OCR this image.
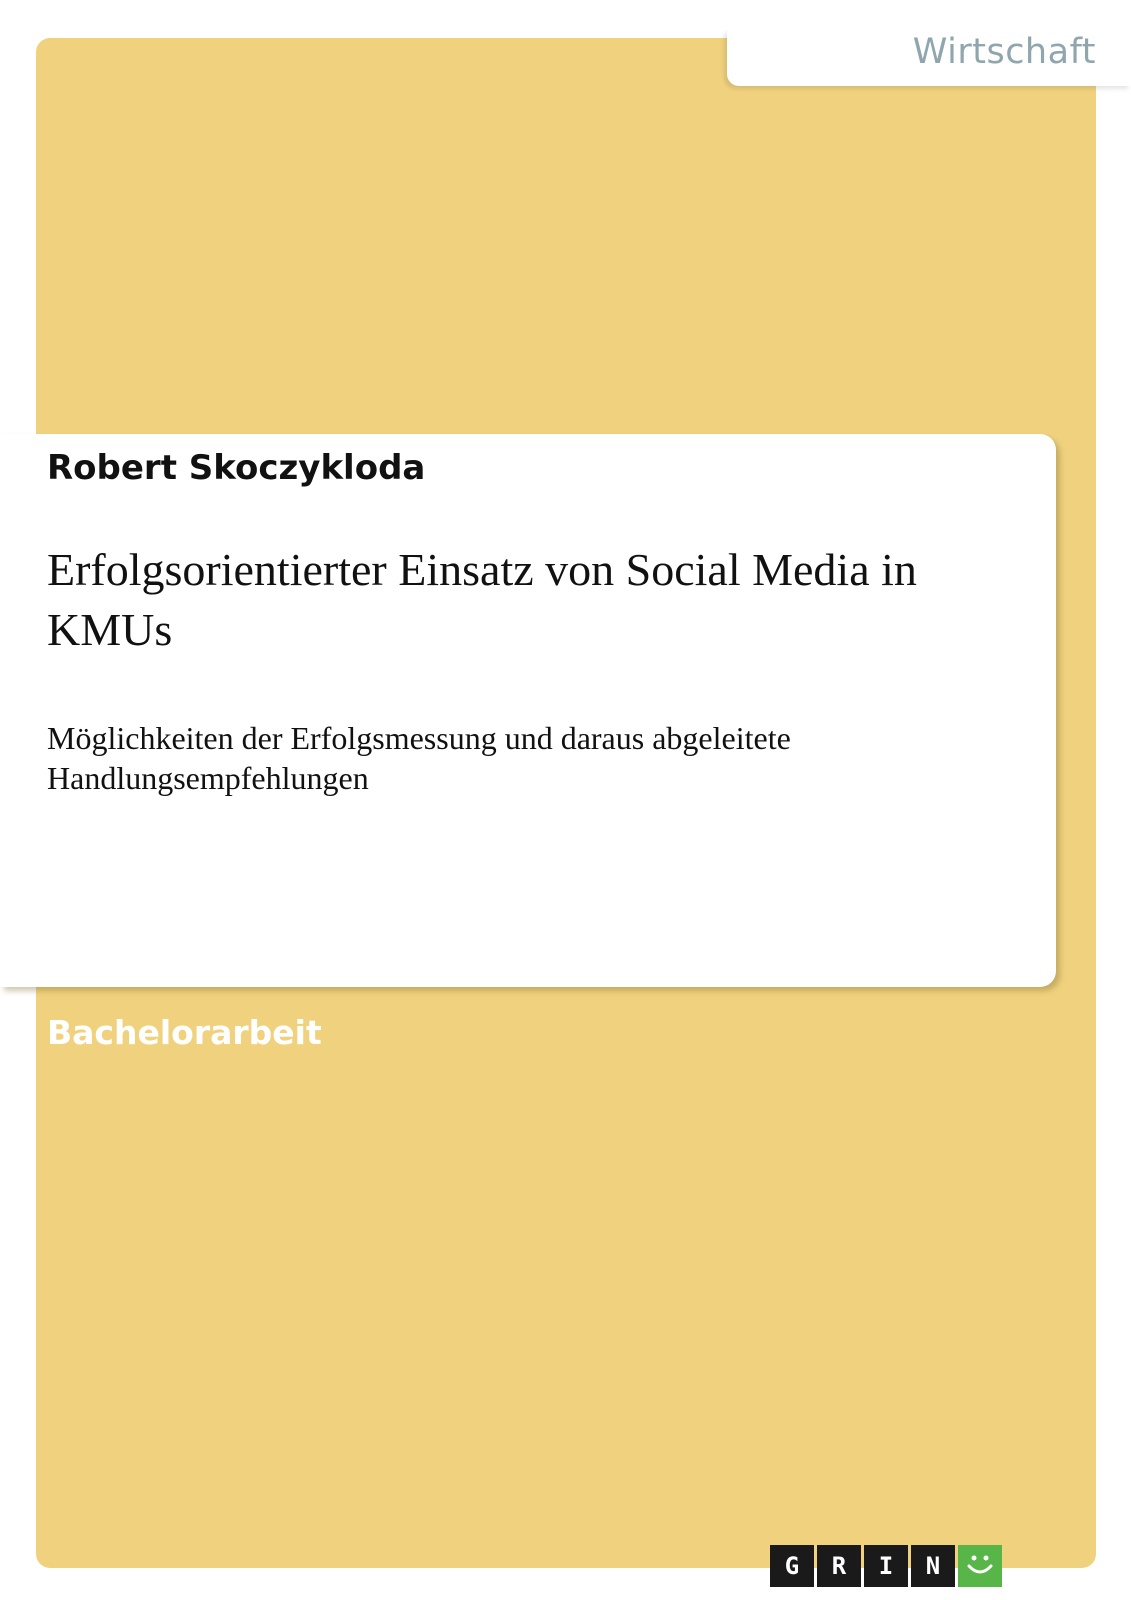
Wirtschaft
Robert Skoczykloda
Erfolgsorientierter Einsatz von Social Media in KMUs

Möglichkeiten der Erfolgsmessung und daraus abgeleitete Handlungsempfehlungen

Bachelorarbeit
G	R	I	N
